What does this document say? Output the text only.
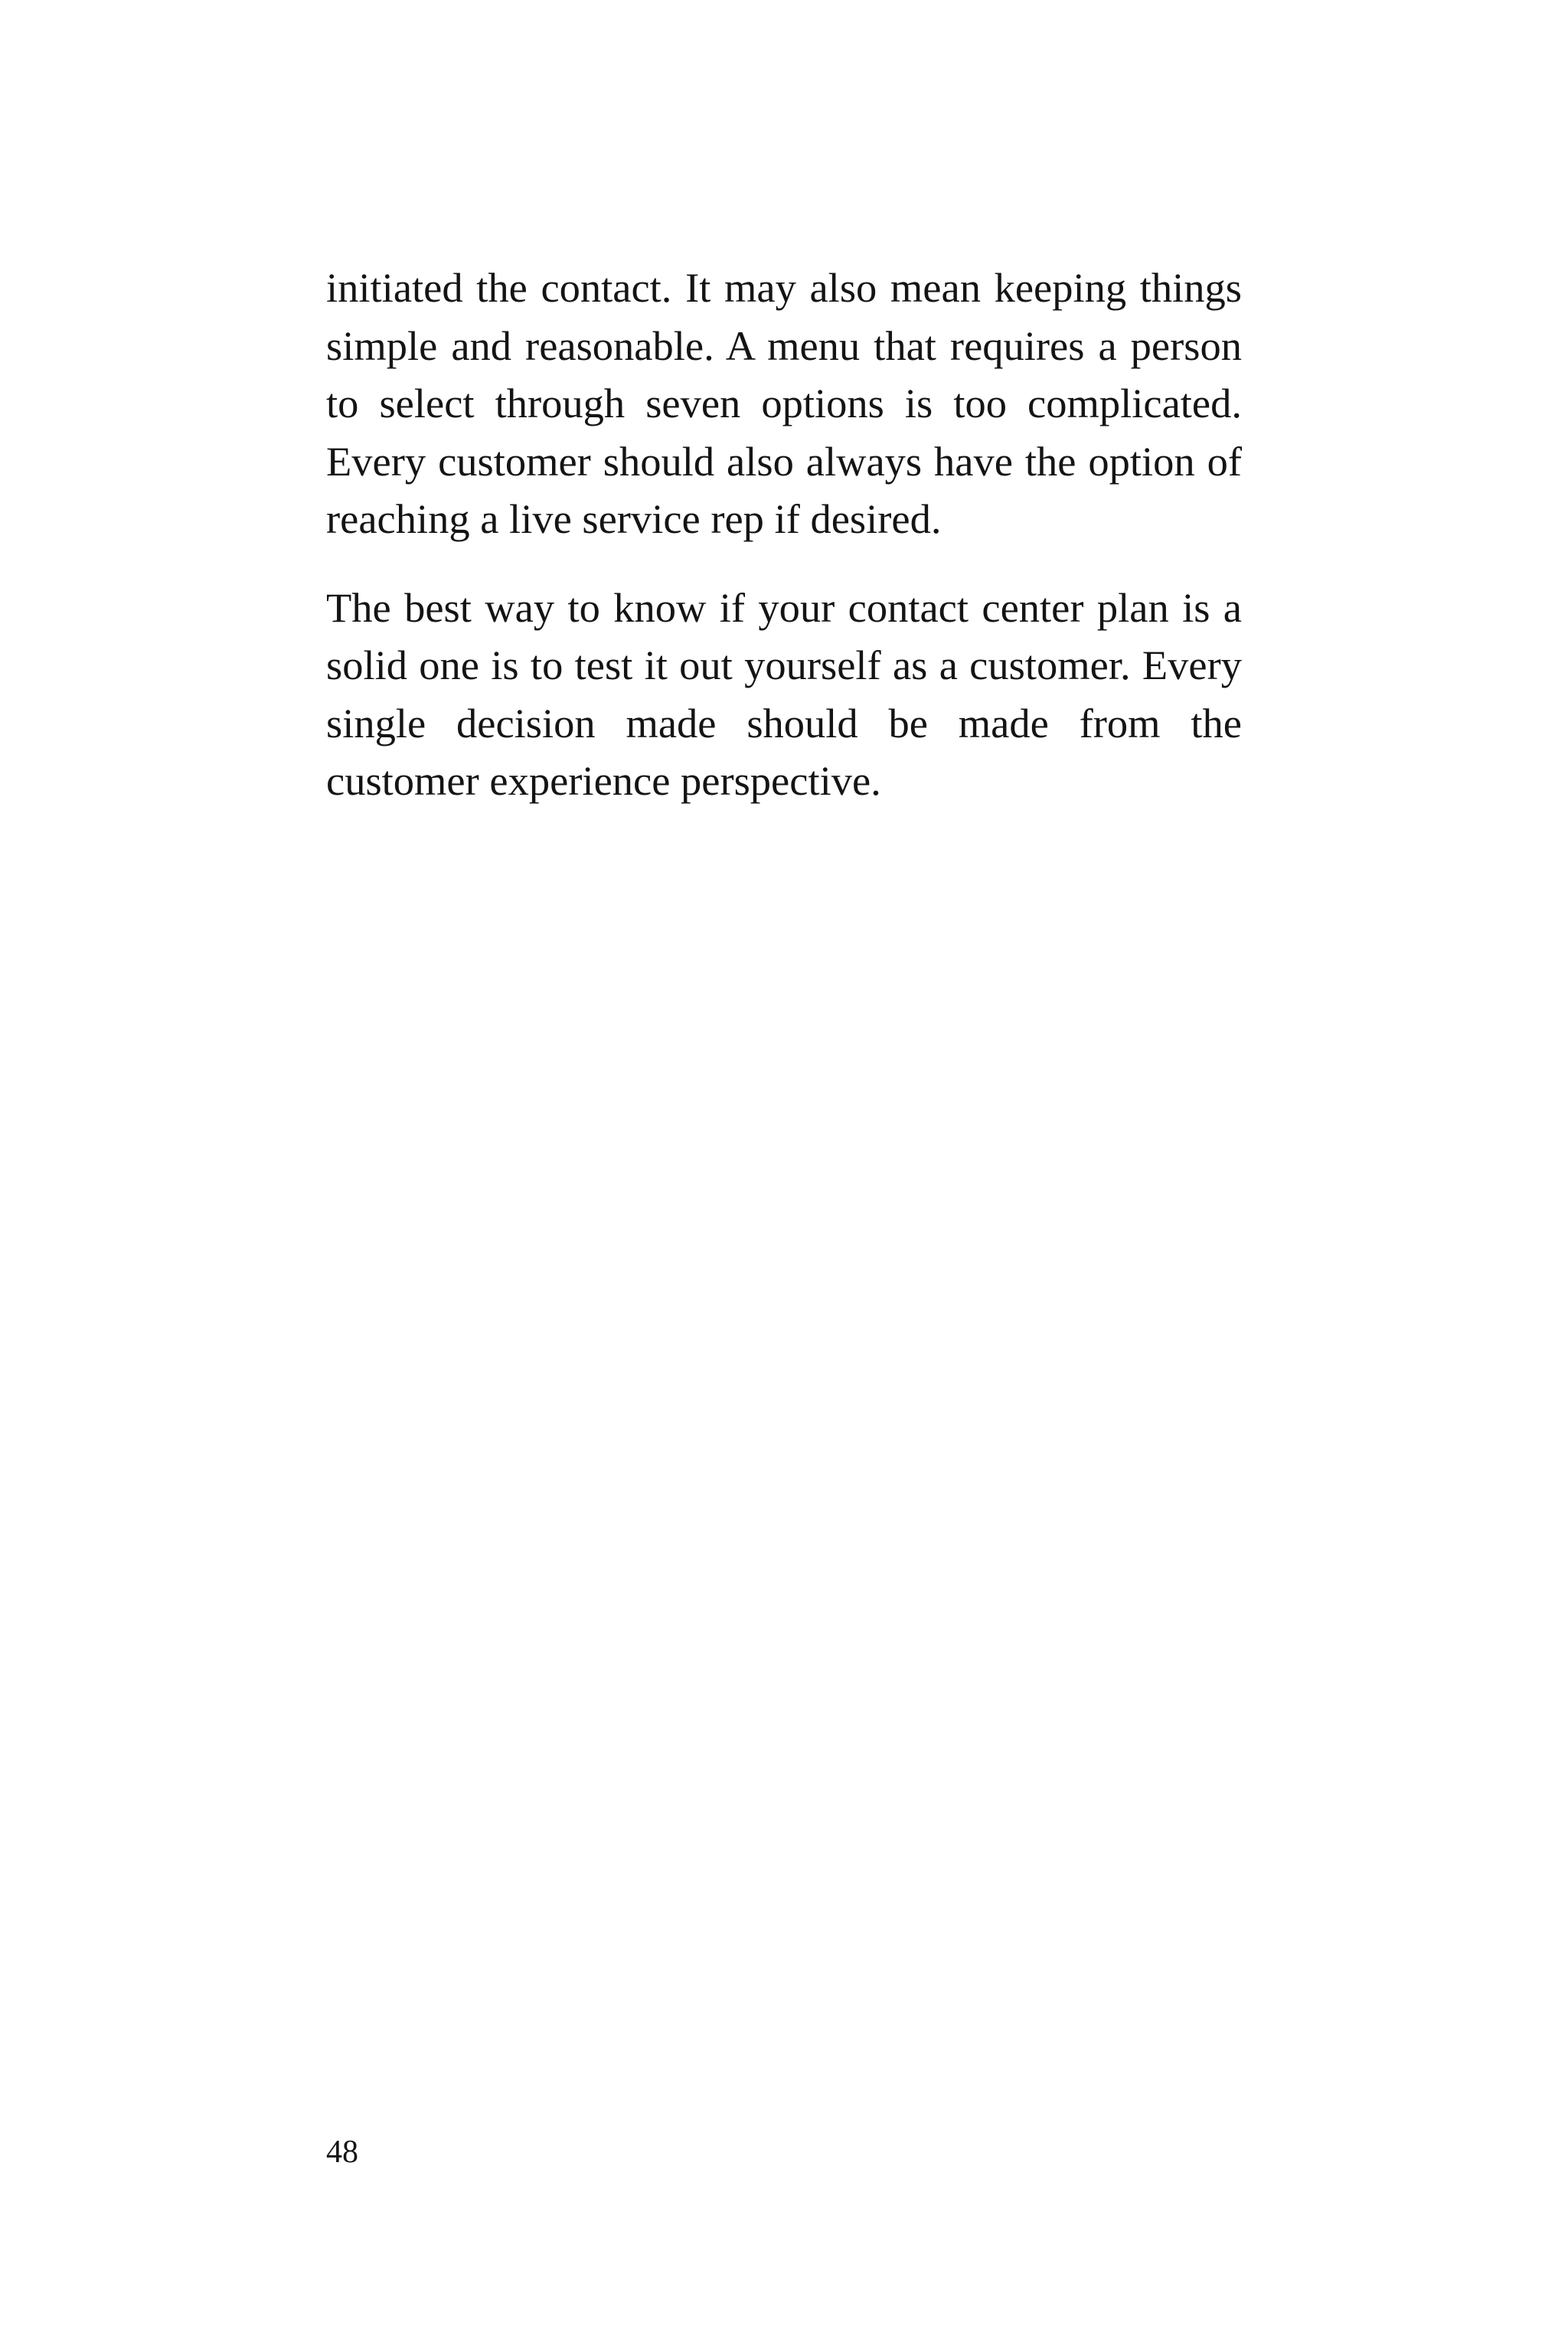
initiated the contact. It may also mean keeping things simple and reasonable. A menu that requires a person to select through seven options is too complicated. Every customer should also always have the option of reaching a live service rep if desired.

The best way to know if your contact center plan is a solid one is to test it out yourself as a customer. Every single decision made should be made from the customer experience perspective.

48
